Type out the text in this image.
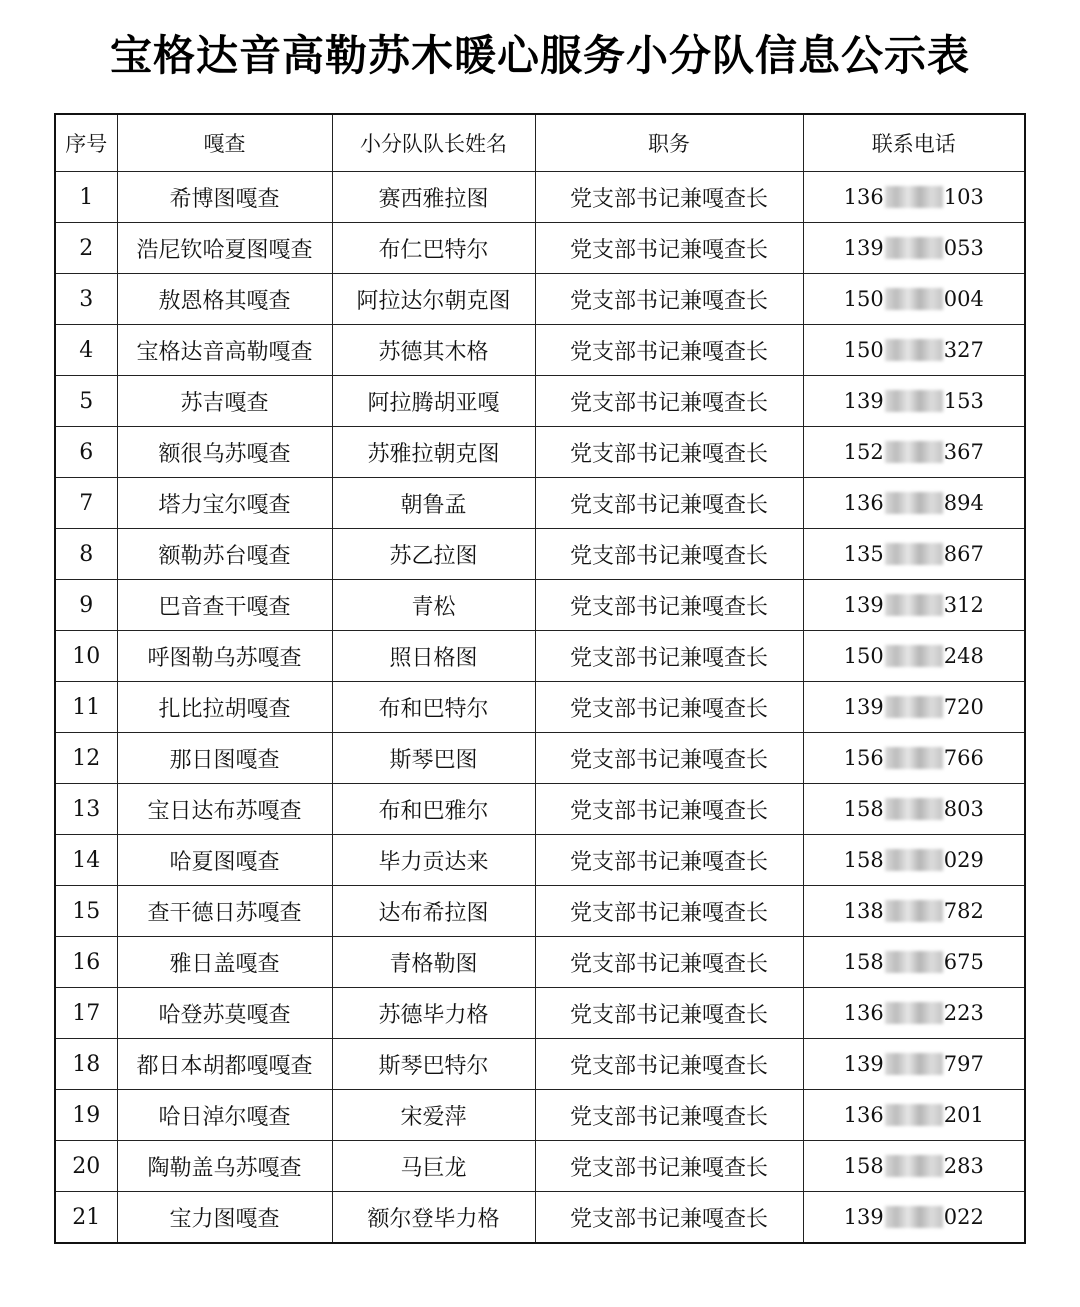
宝格达音高勒苏木暖心服务小分队信息公示表
序号	嘎查	小分队队长姓名	职务	联系电话
1	希博图嘎查	赛西雅拉图	党支部书记兼嘎查长	136 103

2	浩尼钦哈夏图嘎查	布仁巴特尔	党支部书记兼嘎查长	139 053

3	敖恩格其嘎查	阿拉达尔朝克图	党支部书记兼嘎查长	150 004

4	宝格达音高勒嘎查	苏德其木格	党支部书记兼嘎查长	150 327

5	苏吉嘎查	阿拉腾胡亚嘎	党支部书记兼嘎查长	139 153

6	额很乌苏嘎查	苏雅拉朝克图	党支部书记兼嘎查长	152 367

7	塔力宝尔嘎查	朝鲁孟	党支部书记兼嘎查长	136 894

8	额勒苏台嘎查	苏乙拉图	党支部书记兼嘎查长	135 867

9	巴音查干嘎查	青松	党支部书记兼嘎查长	139 312

10	呼图勒乌苏嘎查	照日格图	党支部书记兼嘎查长	150 248

11	扎比拉胡嘎查	布和巴特尔	党支部书记兼嘎查长	139 720

12	那日图嘎查	斯琴巴图	党支部书记兼嘎查长	156 766

13	宝日达布苏嘎查	布和巴雅尔	党支部书记兼嘎查长	158 803

14	哈夏图嘎查	毕力贡达来	党支部书记兼嘎查长	158 029

15	查干德日苏嘎查	达布希拉图	党支部书记兼嘎查长	138 782

16	雅日盖嘎查	青格勒图	党支部书记兼嘎查长	158 675

17	哈登苏莫嘎查	苏德毕力格	党支部书记兼嘎查长	136 223

18	都日本胡都嘎嘎查	斯琴巴特尔	党支部书记兼嘎查长	139 797

19	哈日淖尔嘎查	宋爱萍	党支部书记兼嘎查长	136 201

20	陶勒盖乌苏嘎查	马巨龙	党支部书记兼嘎查长	158 283

21	宝力图嘎查	额尔登毕力格	党支部书记兼嘎查长	139 022
